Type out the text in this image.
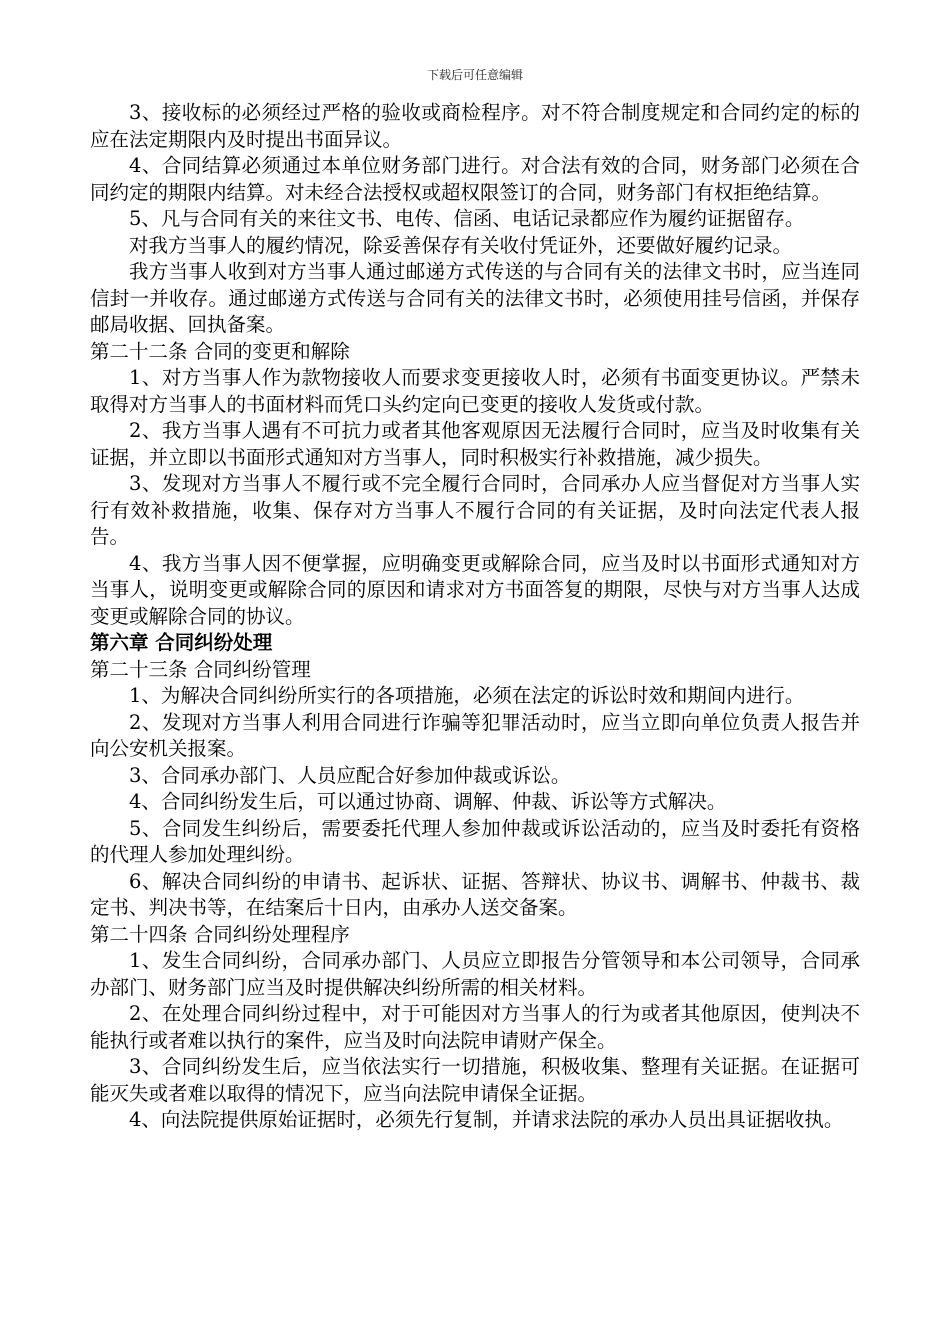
下载后可任意编辑

3、接收标的必须经过严格的验收或商检程序。对不符合制度规定和合同约定的标的应在法定期限内及时提出书面异议。

4、合同结算必须通过本单位财务部门进行。对合法有效的合同，财务部门必须在合同约定的期限内结算。对未经合法授权或超权限签订的合同，财务部门有权拒绝结算。

5、凡与合同有关的来往文书、电传、信函、电话记录都应作为履约证据留存。

对我方当事人的履约情况，除妥善保存有关收付凭证外，还要做好履约记录。

我方当事人收到对方当事人通过邮递方式传送的与合同有关的法律文书时，应当连同信封一并收存。通过邮递方式传送与合同有关的法律文书时，必须使用挂号信函，并保存邮局收据、回执备案。

第二十二条 合同的变更和解除

1、对方当事人作为款物接收人而要求变更接收人时，必须有书面变更协议。严禁未取得对方当事人的书面材料而凭口头约定向已变更的接收人发货或付款。

2、我方当事人遇有不可抗力或者其他客观原因无法履行合同时，应当及时收集有关证据，并立即以书面形式通知对方当事人，同时积极实行补救措施，减少损失。

3、发现对方当事人不履行或不完全履行合同时，合同承办人应当督促对方当事人实行有效补救措施，收集、保存对方当事人不履行合同的有关证据，及时向法定代表人报告。

4、我方当事人因不便掌握，应明确变更或解除合同，应当及时以书面形式通知对方当事人，说明变更或解除合同的原因和请求对方书面答复的期限，尽快与对方当事人达成变更或解除合同的协议。

第六章 合同纠纷处理

第二十三条 合同纠纷管理

1、为解决合同纠纷所实行的各项措施，必须在法定的诉讼时效和期间内进行。

2、发现对方当事人利用合同进行诈骗等犯罪活动时，应当立即向单位负责人报告并向公安机关报案。

3、合同承办部门、人员应配合好参加仲裁或诉讼。

4、合同纠纷发生后，可以通过协商、调解、仲裁、诉讼等方式解决。

5、合同发生纠纷后，需要委托代理人参加仲裁或诉讼活动的，应当及时委托有资格的代理人参加处理纠纷。

6、解决合同纠纷的申请书、起诉状、证据、答辩状、协议书、调解书、仲裁书、裁定书、判决书等，在结案后十日内，由承办人送交备案。

第二十四条 合同纠纷处理程序

1、发生合同纠纷，合同承办部门、人员应立即报告分管领导和本公司领导，合同承办部门、财务部门应当及时提供解决纠纷所需的相关材料。

2、在处理合同纠纷过程中，对于可能因对方当事人的行为或者其他原因，使判决不能执行或者难以执行的案件，应当及时向法院申请财产保全。

3、合同纠纷发生后，应当依法实行一切措施，积极收集、整理有关证据。在证据可能灭失或者难以取得的情况下，应当向法院申请保全证据。

4、向法院提供原始证据时，必须先行复制，并请求法院的承办人员出具证据收执。
